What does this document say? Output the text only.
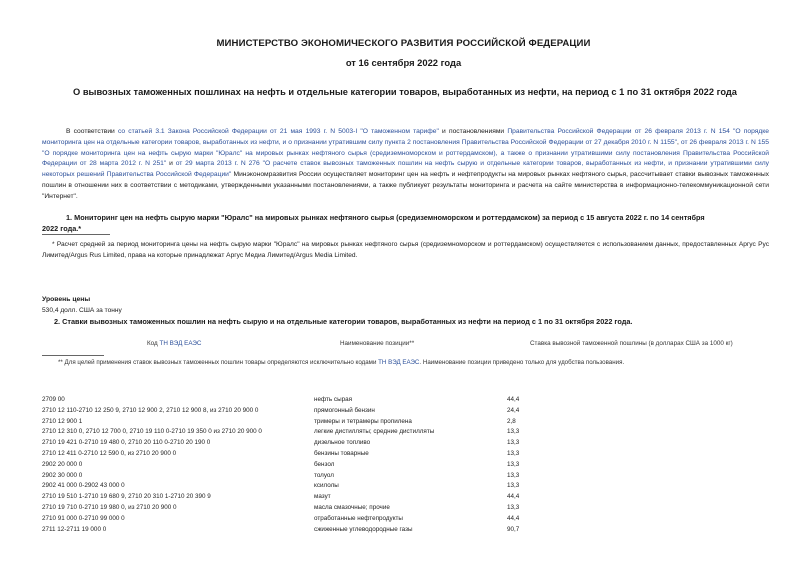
МИНИСТЕРСТВО ЭКОНОМИЧЕСКОГО РАЗВИТИЯ РОССИЙСКОЙ ФЕДЕРАЦИИ
от 16 сентября 2022 года
О вывозных таможенных пошлинах на нефть и отдельные категории товаров, выработанных из нефти, на период с 1 по 31 октября 2022 года
В соответствии со статьей 3.1 Закона Российской Федерации от 21 мая 1993 г. N 5003-I "О таможенном тарифе" и постановлениями Правительства Российской Федерации от 26 февраля 2013 г. N 154 "О порядке мониторинга цен на отдельные категории товаров, выработанных из нефти, и о признании утратившим силу пункта 2 постановления Правительства Российской Федерации от 27 декабря 2010 г. N 1155", от 26 февраля 2013 г. N 155 "О порядке мониторинга цен на нефть сырую марки "Юралс" на мировых рынках нефтяного сырья (средиземноморском и роттердамском), а также о признании утратившими силу постановления Правительства Российской Федерации от 28 марта 2012 г. N 251" и от 29 марта 2013 г. N 276 "О расчете ставок вывозных таможенных пошлин на нефть сырую и отдельные категории товаров, выработанных из нефти, и признании утратившими силу некоторых решений Правительства Российской Федерации" Минэкономразвития России осуществляет мониторинг цен на нефть и нефтепродукты на мировых рынках нефтяного сырья, рассчитывает ставки вывозных таможенных пошлин в отношении них в соответствии с методиками, утвержденными указанными постановлениями, а также публикует результаты мониторинга и расчета на сайте министерства в информационно-телекоммуникационной сети "Интернет".
1. Мониторинг цен на нефть сырую марки "Юралс" на мировых рынках нефтяного сырья (средиземноморском и роттердамском) за период с 15 августа 2022 г. по 14 сентября 2022 года.*
* Расчет средней за период мониторинга цены на нефть сырую марки "Юралс" на мировых рынках нефтяного сырья (средиземноморском и роттердамском) осуществляется с использованием данных, предоставленных Аргус Рус Лимитед/Argus Rus Limited, права на которые принадлежат Аргус Медиа Лимитед/Argus Media Limited.
Уровень цены
530,4 долл. США за тонну
2. Ставки вывозных таможенных пошлин на нефть сырую и на отдельные категории товаров, выработанных из нефти на период с 1 по 31 октября 2022 года.
Код ТН ВЭД ЕАЭС	Наименование позиции**	Ставка вывозной таможенной пошлины (в долларах США за 1000 кг)
** Для целей применения ставок вывозных таможенных пошлин товары определяются исключительно кодами ТН ВЭД ЕАЭС. Наименование позиции приведено только для удобства пользования.
2709 00	нефть сырая	44,4
2710 12 110-2710 12 250 9, 2710 12 900 2, 2710 12 900 8, из 2710 20 900 0	прямогонный бензин	24,4
2710 12 900 1	тримеры и тетрамеры пропилена	2,8
2710 12 310 0, 2710 12 700 0, 2710 19 110 0-2710 19 350 0 из 2710 20 900 0	легкие дистилляты; средние дистилляты	13,3
2710 19 421 0-2710 19 480 0, 2710 20 110 0-2710 20 190 0	дизельное топливо	13,3
2710 12 411 0-2710 12 590 0, из 2710 20 900 0	бензины товарные	13,3
2902 20 000 0	бензол	13,3
2902 30 000 0	толуол	13,3
2902 41 000 0-2902 43 000 0	ксилолы	13,3
2710 19 510 1-2710 19 680 9, 2710 20 310 1-2710 20 390 9	мазут	44,4
2710 19 710 0-2710 19 980 0, из 2710 20 900 0	масла смазочные; прочие	13,3
2710 91 000 0-2710 99 000 0	отработанные нефтепродукты	44,4
2711 12-2711 19 000 0	сжиженные углеводородные газы	90,7
